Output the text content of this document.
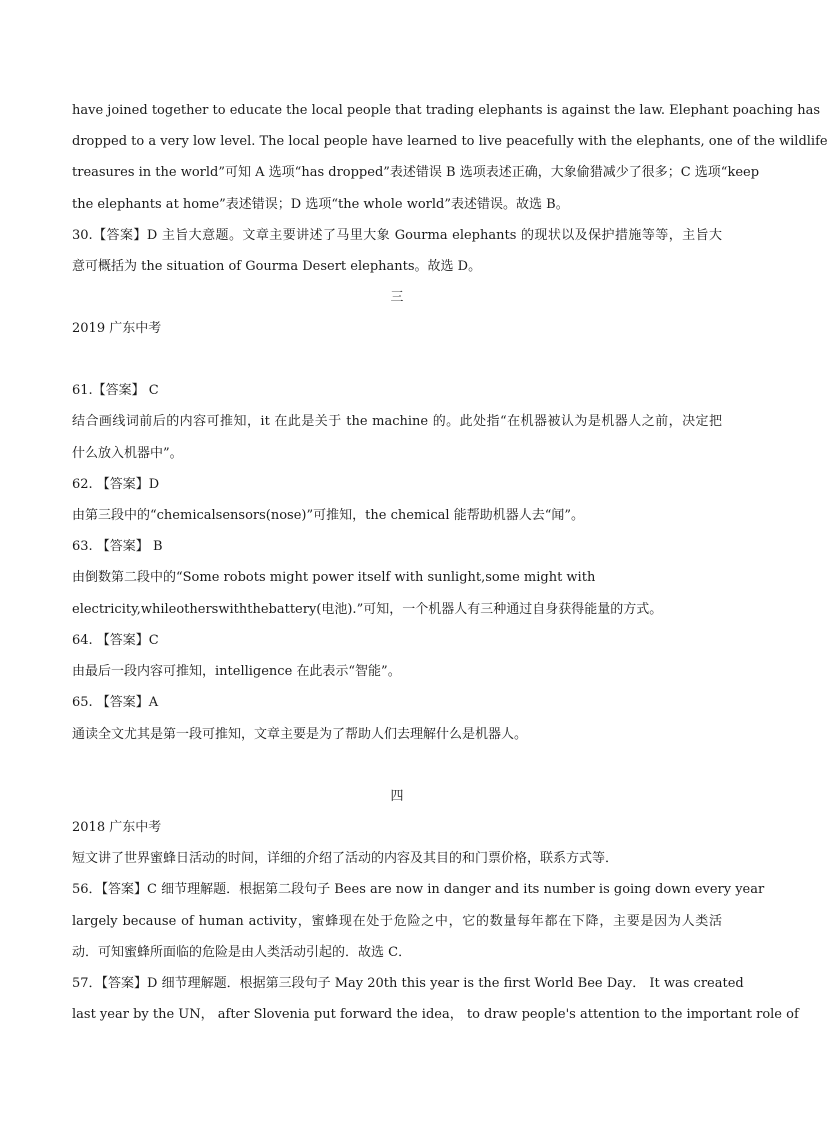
have joined together to educate the local people that trading elephants is against the law. Elephant poaching has
dropped to a very low level. The local people have learned to live peacefully with the elephants, one of the wildlife
treasures in the world”可知 A 选项“has dropped”表述错误 B 选项表述正确，大象偷猎减少了很多；C 选项“keep
the elephants at home”表述错误；D 选项“the whole world”表述错误。故选 B。
30.【答案】D 主旨大意题。文章主要讲述了马里大象 Gourma elephants 的现状以及保护措施等等，主旨大
意可概括为 the situation of Gourma Desert elephants。故选 D。
三
2019 广东中考
61.【答案】 C
结合画线词前后的内容可推知，it 在此是关于 the machine 的。此处指“在机器被认为是机器人之前，决定把
什么放入机器中”。
62. 【答案】D
由第三段中的“chemicalsensors(nose)”可推知，the chemical 能帮助机器人去“闻”。
63. 【答案】 B
由倒数第二段中的“Some robots might power itself with sunlight,some might with
electricity,whileotherswiththebattery(电池).”可知，一个机器人有三种通过自身获得能量的方式。
64. 【答案】C
由最后一段内容可推知，intelligence 在此表示“智能”。
65. 【答案】A
通读全文尤其是第一段可推知，文章主要是为了帮助人们去理解什么是机器人。
四
2018 广东中考
短文讲了世界蜜蜂日活动的时间，详细的介绍了活动的内容及其目的和门票价格，联系方式等．
56．【答案】C 细节理解题．根据第二段句子 Bees are now in danger and its number is going down every year
largely because of human activity，蜜蜂现在处于危险之中，它的数量每年都在下降，主要是因为人类活
动．可知蜜蜂所面临的危险是由人类活动引起的．故选 C．
57．【答案】D 细节理解题．根据第三段句子 May 20th this year is the first World Bee Day． It was created
last year by the UN， after Slovenia put forward the idea， to draw people's attention to the important role of
